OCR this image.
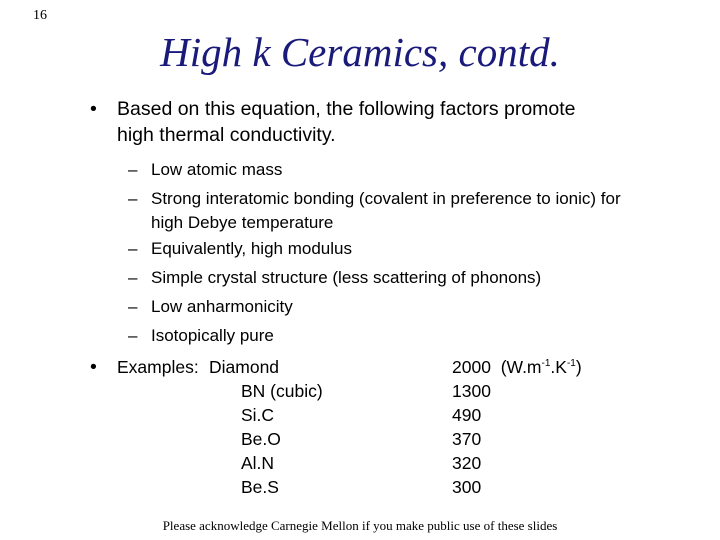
16
High k Ceramics, contd.
• Based on this equation, the following factors promote
high thermal conductivity.
– Low atomic mass
– Strong interatomic bonding (covalent in preference to ionic) for
high Debye temperature
– Equivalently, high modulus
– Simple crystal structure (less scattering of phonons)
– Low anharmonicity
– Isotopically pure
• Examples: Diamond	2000 $(W.m^{-1}.K^{-1})$
BN (cubic)	1300
Si.C	490
Be.O	370
Al.N	320
Be.S	300
Please acknowledge Carnegie Mellon if you make public use of these slides
